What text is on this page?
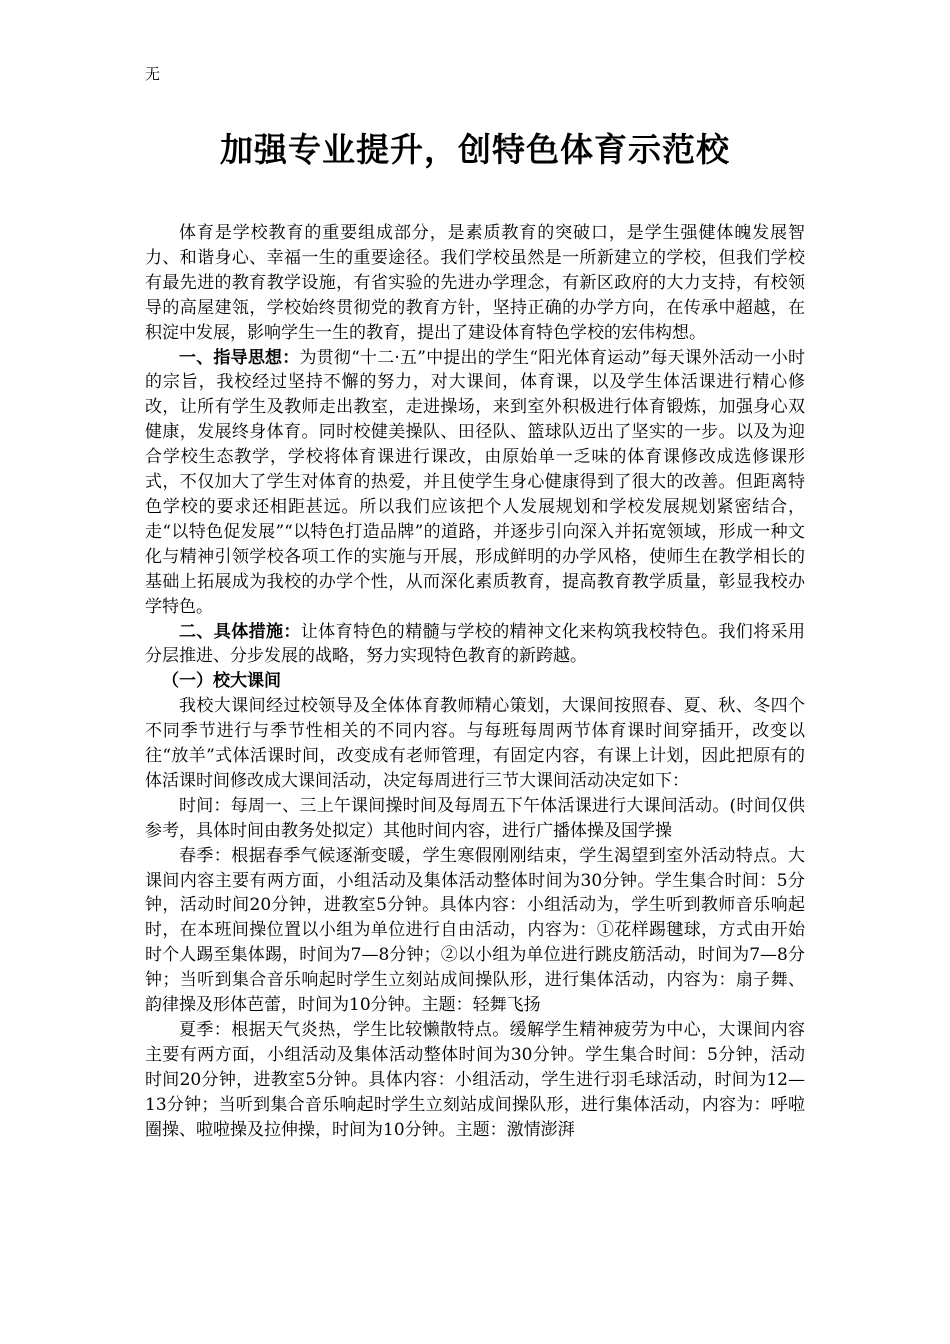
无
加强专业提升，创特色体育示范校

体育是学校教育的重要组成部分，是素质教育的突破口，是学生强健体魄发展智力、和谐身心、幸福一生的重要途径。我们学校虽然是一所新建立的学校，但我们学校有最先进的教育教学设施，有省实验的先进办学理念，有新区政府的大力支持，有校领导的高屋建瓴，学校始终贯彻党的教育方针，坚持正确的办学方向，在传承中超越，在积淀中发展，影响学生一生的教育，提出了建设体育特色学校的宏伟构想。

一、指导思想：为贯彻“十二·五”中提出的学生“阳光体育运动”每天课外活动一小时的宗旨，我校经过坚持不懈的努力，对大课间，体育课，以及学生体活课进行精心修改，让所有学生及教师走出教室，走进操场，来到室外积极进行体育锻炼，加强身心双健康，发展终身体育。同时校健美操队、田径队、篮球队迈出了坚实的一步。以及为迎合学校生态教学，学校将体育课进行课改，由原始单一乏味的体育课修改成选修课形式，不仅加大了学生对体育的热爱，并且使学生身心健康得到了很大的改善。但距离特色学校的要求还相距甚远。所以我们应该把个人发展规划和学校发展规划紧密结合，走“以特色促发展”“以特色打造品牌”的道路，并逐步引向深入并拓宽领域，形成一种文化与精神引领学校各项工作的实施与开展，形成鲜明的办学风格，使师生在教学相长的基础上拓展成为我校的办学个性，从而深化素质教育，提高教育教学质量，彰显我校办学特色。

二、具体措施：让体育特色的精髓与学校的精神文化来构筑我校特色。我们将采用分层推进、分步发展的战略，努力实现特色教育的新跨越。

（一）校大课间

我校大课间经过校领导及全体体育教师精心策划，大课间按照春、夏、秋、冬四个不同季节进行与季节性相关的不同内容。与每班每周两节体育课时间穿插开，改变以往“放羊”式体活课时间，改变成有老师管理，有固定内容，有课上计划，因此把原有的体活课时间修改成大课间活动，决定每周进行三节大课间活动决定如下：

时间：每周一、三上午课间操时间及每周五下午体活课进行大课间活动。(时间仅供参考，具体时间由教务处拟定）其他时间内容，进行广播体操及国学操

春季：根据春季气候逐渐变暖，学生寒假刚刚结束，学生渴望到室外活动特点。大课间内容主要有两方面，小组活动及集体活动整体时间为30分钟。学生集合时间：5分钟，活动时间20分钟，进教室5分钟。具体内容：小组活动为，学生听到教师音乐响起时，在本班间操位置以小组为单位进行自由活动，内容为：①花样踢毽球，方式由开始时个人踢至集体踢，时间为7—8分钟；②以小组为单位进行跳皮筋活动，时间为7—8分钟；当听到集合音乐响起时学生立刻站成间操队形，进行集体活动，内容为：扇子舞、韵律操及形体芭蕾，时间为10分钟。主题：轻舞飞扬

夏季：根据天气炎热，学生比较懒散特点。缓解学生精神疲劳为中心，大课间内容主要有两方面，小组活动及集体活动整体时间为30分钟。学生集合时间：5分钟，活动时间20分钟，进教室5分钟。具体内容：小组活动，学生进行羽毛球活动，时间为12—13分钟；当听到集合音乐响起时学生立刻站成间操队形，进行集体活动，内容为：呼啦圈操、啦啦操及拉伸操，时间为10分钟。主题：激情澎湃
